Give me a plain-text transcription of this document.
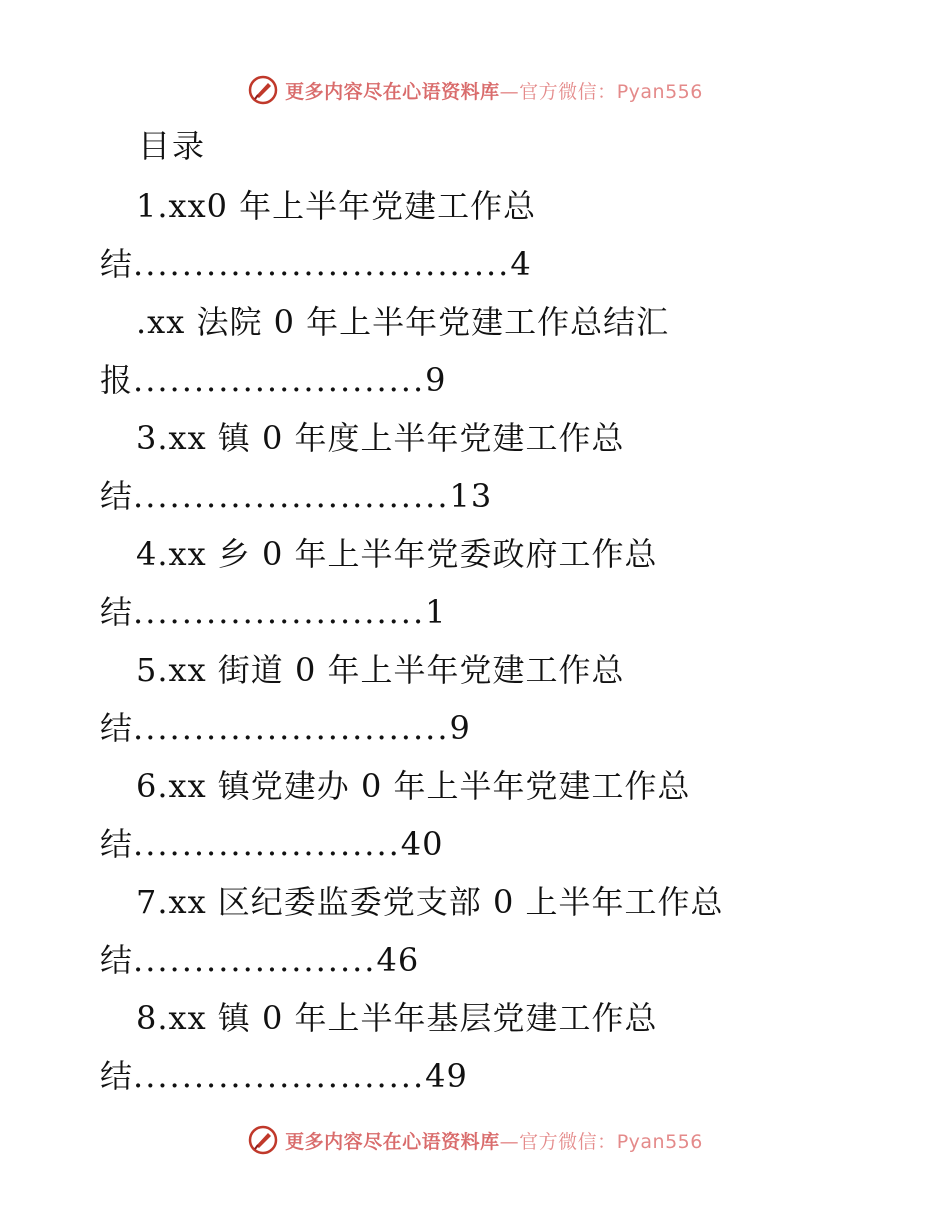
更多内容尽在心语资料库—官方微信：Pyan556
目录
1.xx0 年上半年党建工作总
结...............................4
.xx 法院 0 年上半年党建工作总结汇
报........................9
3.xx 镇 0 年度上半年党建工作总
结..........................13
4.xx 乡 0 年上半年党委政府工作总
结........................1
5.xx 街道 0 年上半年党建工作总
结..........................9
6.xx 镇党建办 0 年上半年党建工作总
结......................40
7.xx 区纪委监委党支部 0 上半年工作总
结....................46
8.xx 镇 0 年上半年基层党建工作总
结........................49
更多内容尽在心语资料库—官方微信：Pyan556
